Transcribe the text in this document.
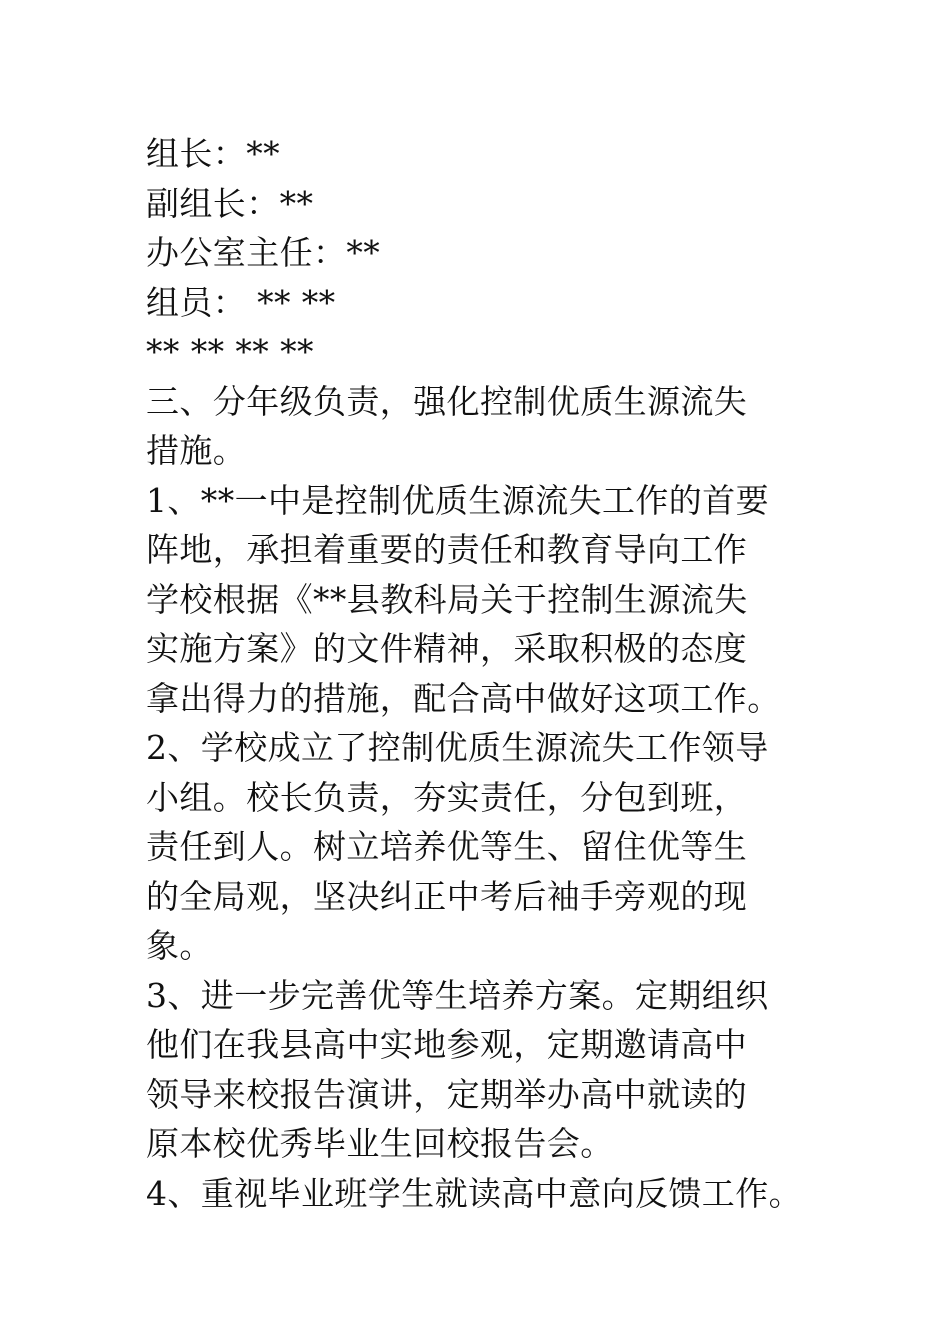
组长：**
副组长：**
办公室主任：**
组员： ** **
** ** ** **
三、分年级负责，强化控制优质生源流失
措施。
1、**一中是控制优质生源流失工作的首要
阵地，承担着重要的责任和教育导向工作
学校根据《**县教科局关于控制生源流失
实施方案》的文件精神，采取积极的态度
拿出得力的措施，配合高中做好这项工作。
2、学校成立了控制优质生源流失工作领导
小组。校长负责，夯实责任，分包到班，
责任到人。树立培养优等生、留住优等生
的全局观，坚决纠正中考后袖手旁观的现
象。
3、进一步完善优等生培养方案。定期组织
他们在我县高中实地参观，定期邀请高中
领导来校报告演讲，定期举办高中就读的
原本校优秀毕业生回校报告会。
4、重视毕业班学生就读高中意向反馈工作。
